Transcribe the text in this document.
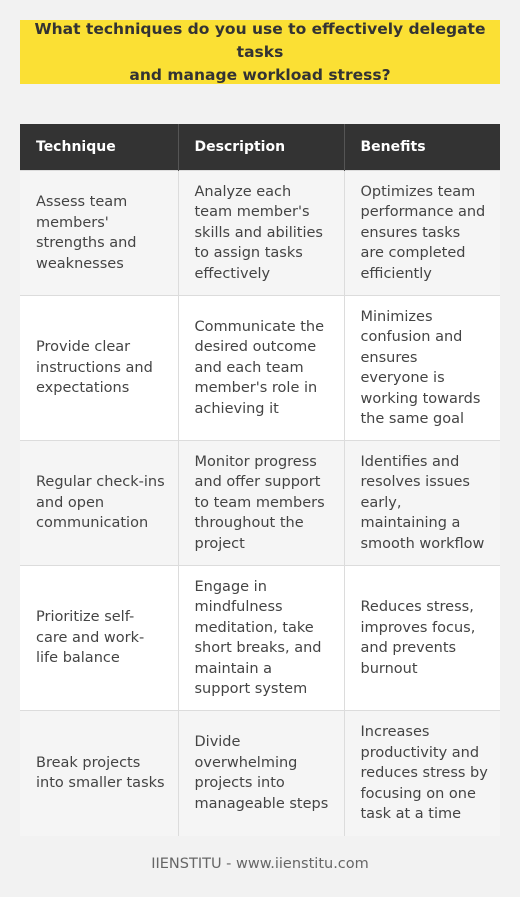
What techniques do you use to effectively delegate tasks
and manage workload stress?
Technique	Description	Benefits
Assess team members' strengths and weaknesses	Analyze each team member's skills and abilities to assign tasks effectively	Optimizes team performance and ensures tasks are completed efficiently
Provide clear instructions and expectations	Communicate the desired outcome and each team member's role in achieving it	Minimizes confusion and ensures everyone is working towards the same goal
Regular check-ins and open communication	Monitor progress and offer support to team members throughout the project	Identifies and resolves issues early, maintaining a smooth workflow
Prioritize self-care and work-life balance	Engage in mindfulness meditation, take short breaks, and maintain a support system	Reduces stress, improves focus, and prevents burnout
Break projects into smaller tasks	Divide overwhelming projects into manageable steps	Increases productivity and reduces stress by focusing on one task at a time
IIENSTITU - www.iienstitu.com
